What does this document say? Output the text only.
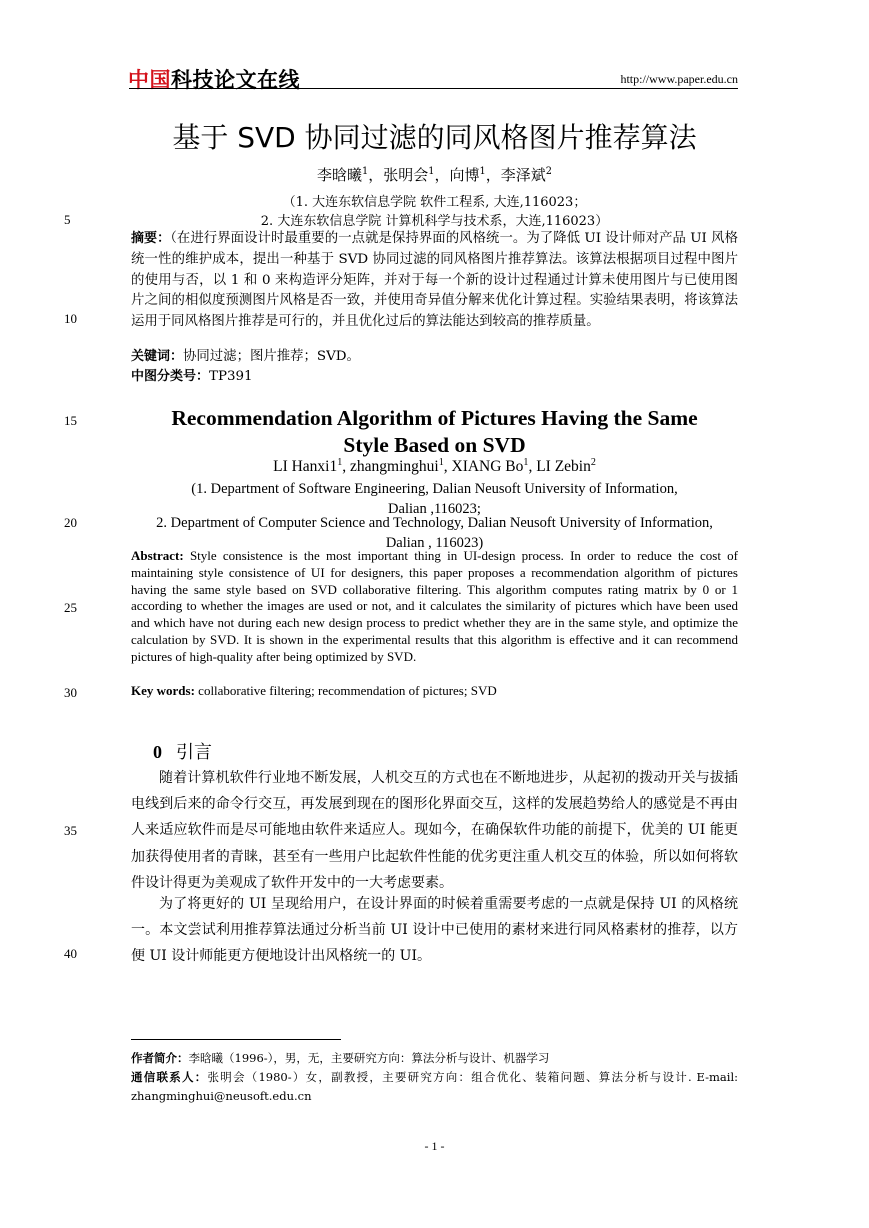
中国科技论文在线	http://www.paper.edu.cn
基于 SVD 协同过滤的同风格图片推荐算法
李晗曦$^1$，张明会$^1$，向博$^1$，李泽斌$^2$
（1. 大连东软信息学院 软件工程系, 大连,116023；
2. 大连东软信息学院 计算机科学与技术系，大连,116023）
摘要：（在进行界面设计时最重要的一点就是保持界面的风格统一。为了降低 UI 设计师对产品 UI 风格统一性的维护成本，提出一种基于 SVD 协同过滤的同风格图片推荐算法。该算法根据项目过程中图片的使用与否，以 1 和 0 来构造评分矩阵，并对于每一个新的设计过程通过计算未使用图片与已使用图片之间的相似度预测图片风格是否一致，并使用奇异值分解来优化计算过程。实验结果表明，将该算法运用于同风格图片推荐是可行的，并且优化过后的算法能达到较高的推荐质量。
关键词：协同过滤；图片推荐；SVD。
中图分类号：TP391
Recommendation Algorithm of Pictures Having the Same
Style Based on SVD
LI $Hanxi1^1$, zhangminghui$^1$, XIANG Bo$^1$, LI Zebin$^2$
(1. Department of Software Engineering, Dalian Neusoft University of Information,
Dalian ,116023;
2. Department of Computer Science and Technology, Dalian Neusoft University of Information,
Dalian , 116023)
Abstract: Style consistence is the most important thing in UI-design process. In order to reduce the cost of maintaining style consistence of UI for designers, this paper proposes a recommendation algorithm of pictures having the same style based on SVD collaborative filtering. This algorithm computes rating matrix by 0 or 1 according to whether the images are used or not, and it calculates the similarity of pictures which have been used and which have not during each new design process to predict whether they are in the same style, and optimize the calculation by SVD. It is shown in the experimental results that this algorithm is effective and it can recommend pictures of high-quality after being optimized by SVD.
Key words: collaborative filtering; recommendation of pictures; SVD
0 引言
随着计算机软件行业地不断发展，人机交互的方式也在不断地进步，从起初的拨动开关与拔插电线到后来的命令行交互，再发展到现在的图形化界面交互，这样的发展趋势给人的感觉是不再由人来适应软件而是尽可能地由软件来适应人。现如今，在确保软件功能的前提下，优美的 UI 能更加获得使用者的青睐，甚至有一些用户比起软件性能的优劣更注重人机交互的体验，所以如何将软件设计得更为美观成了软件开发中的一大考虑要素。
为了将更好的 UI 呈现给用户，在设计界面的时候着重需要考虑的一点就是保持 UI 的风格统一。本文尝试利用推荐算法通过分析当前 UI 设计中已使用的素材来进行同风格素材的推荐，以方便 UI 设计师能更方便地设计出风格统一的 UI。
作者简介：李晗曦（1996-），男，无，主要研究方向：算法分析与设计、机器学习
通信联系人：张明会（1980-）女，副教授，主要研究方向：组合优化、装箱问题、算法分析与设计. E-mail: zhangminghui@neusoft.edu.cn
5
10
15
20
25
30
35
40
- 1 -
